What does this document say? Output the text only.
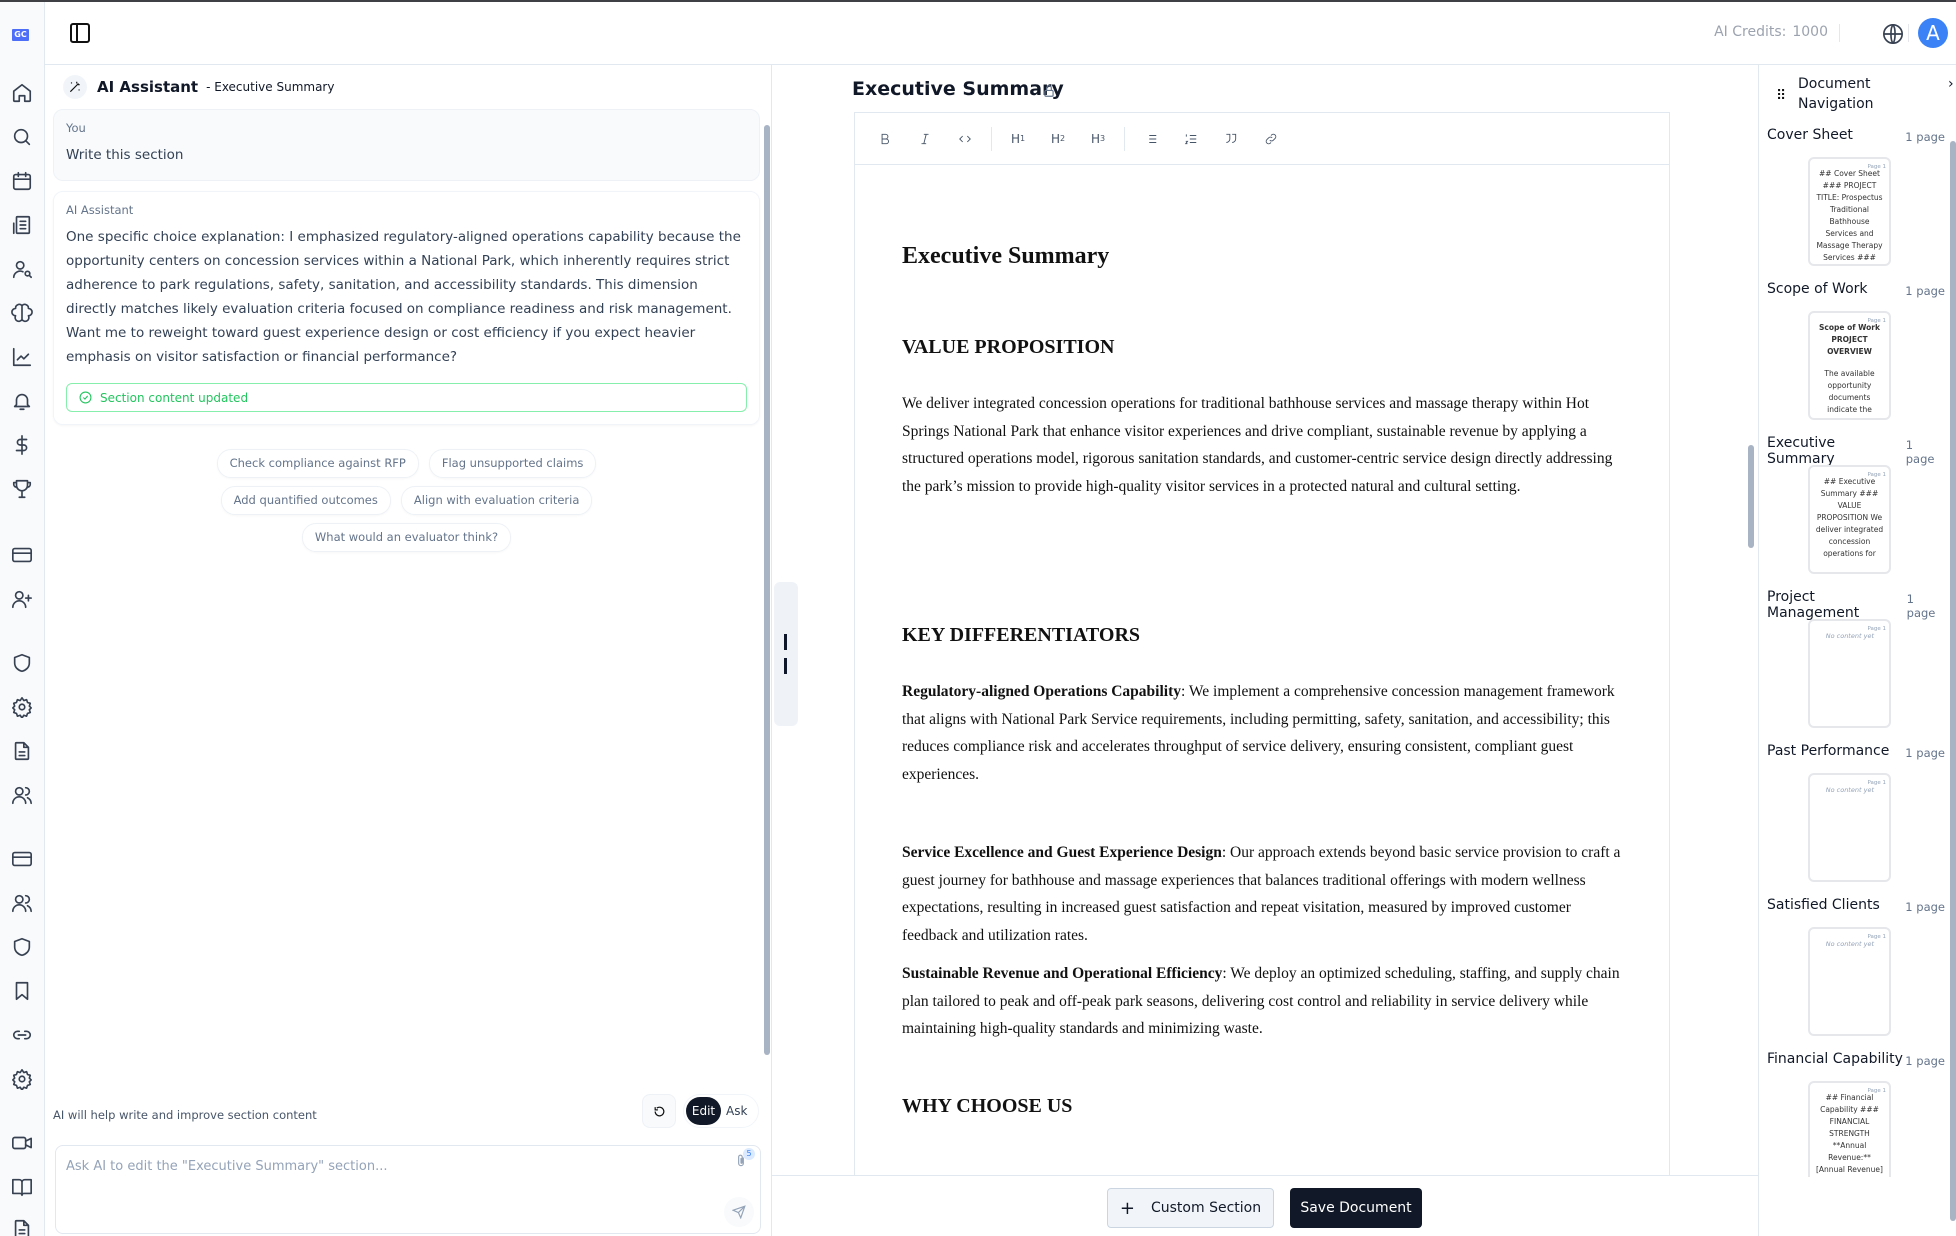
GC	AI Credits: 1000	A
AI Assistant - Executive Summary
You
Write this section
AI Assistant
One specific choice explanation: I emphasized regulatory-aligned operations capability because the opportunity centers on concession services within a National Park, which inherently requires strict adherence to park regulations, safety, sanitation, and accessibility standards. This dimension directly matches likely evaluation criteria focused on compliance readiness and risk management. Want me to reweight toward guest experience design or cost efficiency if you expect heavier emphasis on visitor satisfaction or financial performance?
Section content updated
Check compliance against RFP	Flag unsupported claims
Add quantified outcomes	Align with evaluation criteria
What would an evaluator think?
AI will help write and improve section content	Edit Ask
Ask AI to edit the "Executive Summary" section...
5
Executive Summary
H 1 H 2 H 3
Executive Summary
VALUE PROPOSITION

We deliver integrated concession operations for traditional bathhouse services and massage therapy within Hot Springs National Park that enhance visitor experiences and drive compliant, sustainable revenue by applying a structured operations model, rigorous sanitation standards, and customer-centric service design directly addressing the park’s mission to provide high-quality visitor services in a protected natural and cultural setting.

KEY DIFFERENTIATORS

Regulatory-aligned Operations Capability: We implement a comprehensive concession management framework that aligns with National Park Service requirements, including permitting, safety, sanitation, and accessibility; this reduces compliance risk and accelerates throughput of service delivery, ensuring consistent, compliant guest experiences.

Service Excellence and Guest Experience Design: Our approach extends beyond basic service provision to craft a guest journey for bathhouse and massage experiences that balances traditional offerings with modern wellness expectations, resulting in increased guest satisfaction and repeat visitation, measured by improved customer feedback and utilization rates.

Sustainable Revenue and Operational Efficiency: We deploy an optimized scheduling, staffing, and supply chain plan tailored to peak and off-peak park seasons, delivering cost control and reliability in service delivery while maintaining high-quality standards and minimizing waste.

WHY CHOOSE US
+ Custom Section	Save Document
⠿
Document Navigation
›
Cover Sheet	1 page
Page 1
## Cover Sheet ### PROJECT TITLE: Prospectus Traditional Bathhouse Services and Massage Therapy Services ###
Scope of Work	1 page
Page 1
Scope of Work PROJECT OVERVIEW
The available opportunity documents indicate the
Executive Summary
1 page
Page 1
## Executive Summary ### VALUE PROPOSITION We deliver integrated concession operations for
Project Management
1 page
Page 1
No content yet
Past Performance 1 page
Page 1
No content yet
Satisfied Clients 1 page
Page 1
No content yet
Financial Capability 1 page
Page 1
## Financial Capability ### FINANCIAL STRENGTH **Annual Revenue:** [Annual Revenue]
